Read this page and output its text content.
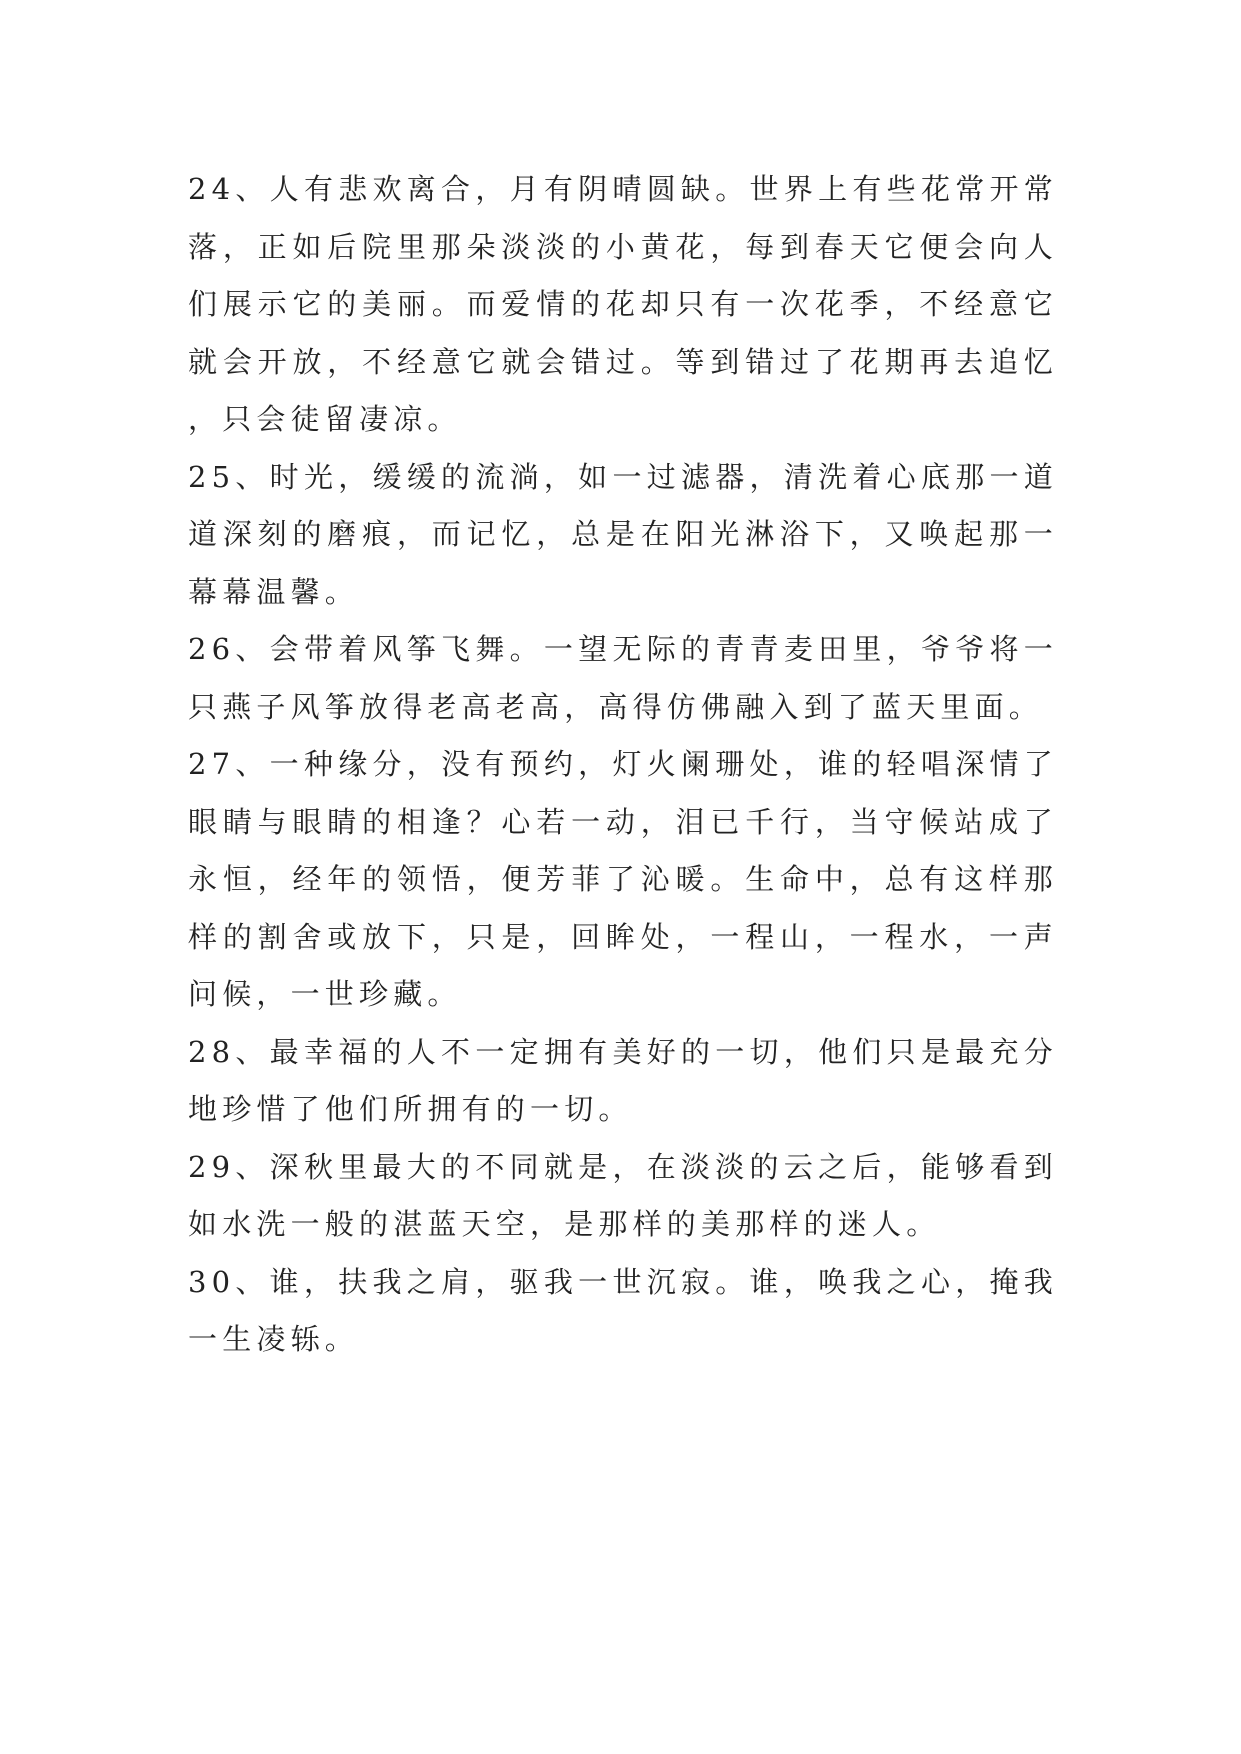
24、人有悲欢离合，月有阴晴圆缺。世界上有些花常开常落，正如后院里那朵淡淡的小黄花，每到春天它便会向人们展示它的美丽。而爱情的花却只有一次花季，不经意它就会开放，不经意它就会错过。等到错过了花期再去追忆，只会徒留凄凉。

25、时光，缓缓的流淌，如一过滤器，清洗着心底那一道道深刻的磨痕，而记忆，总是在阳光淋浴下，又唤起那一幕幕温馨。

26、会带着风筝飞舞。一望无际的青青麦田里，爷爷将一只燕子风筝放得老高老高，高得仿佛融入到了蓝天里面。

27、一种缘分，没有预约，灯火阑珊处，谁的轻唱深情了眼睛与眼睛的相逢？心若一动，泪已千行，当守候站成了永恒，经年的领悟，便芳菲了沁暖。生命中，总有这样那样的割舍或放下，只是，回眸处，一程山，一程水，一声问候，一世珍藏。

28、最幸福的人不一定拥有美好的一切，他们只是最充分地珍惜了他们所拥有的一切。

29、深秋里最大的不同就是，在淡淡的云之后，能够看到如水洗一般的湛蓝天空，是那样的美那样的迷人。

30、谁，扶我之肩，驱我一世沉寂。谁，唤我之心，掩我一生凌轹。
